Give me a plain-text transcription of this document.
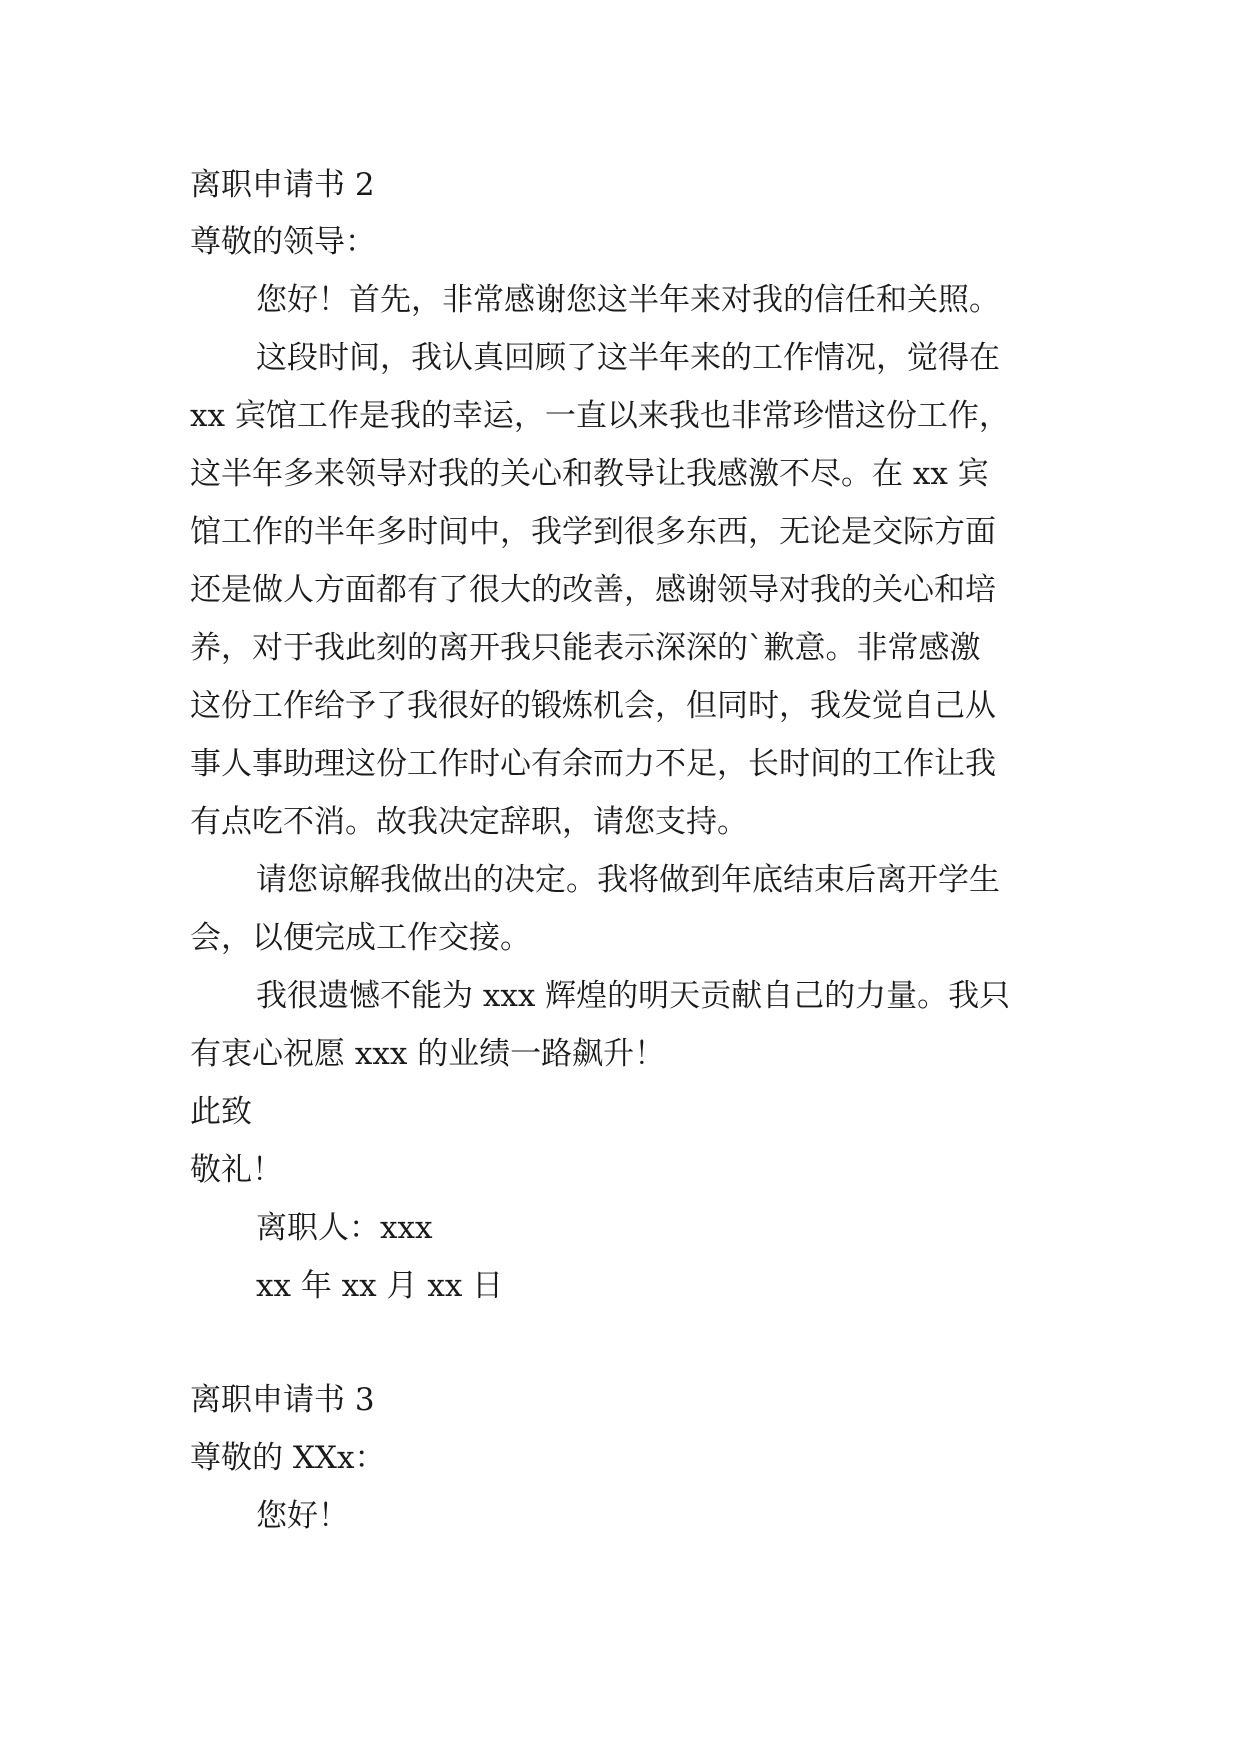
离职申请书 2
尊敬的领导：
您好！首先，非常感谢您这半年来对我的信任和关照。
这段时间，我认真回顾了这半年来的工作情况，觉得在
xx 宾馆工作是我的幸运，一直以来我也非常珍惜这份工作，
这半年多来领导对我的关心和教导让我感激不尽。在 xx 宾
馆工作的半年多时间中，我学到很多东西，无论是交际方面
还是做人方面都有了很大的改善，感谢领导对我的关心和培
养，对于我此刻的离开我只能表示深深的`歉意。非常感激
这份工作给予了我很好的锻炼机会，但同时，我发觉自己从
事人事助理这份工作时心有余而力不足，长时间的工作让我
有点吃不消。故我决定辞职，请您支持。
请您谅解我做出的决定。我将做到年底结束后离开学生
会，以便完成工作交接。
我很遗憾不能为 xxx 辉煌的明天贡献自己的力量。我只
有衷心祝愿 xxx 的业绩一路飙升！
此致
敬礼！
离职人：xxx
xx 年 xx 月 xx 日
离职申请书 3
尊敬的 XXx：
您好！
